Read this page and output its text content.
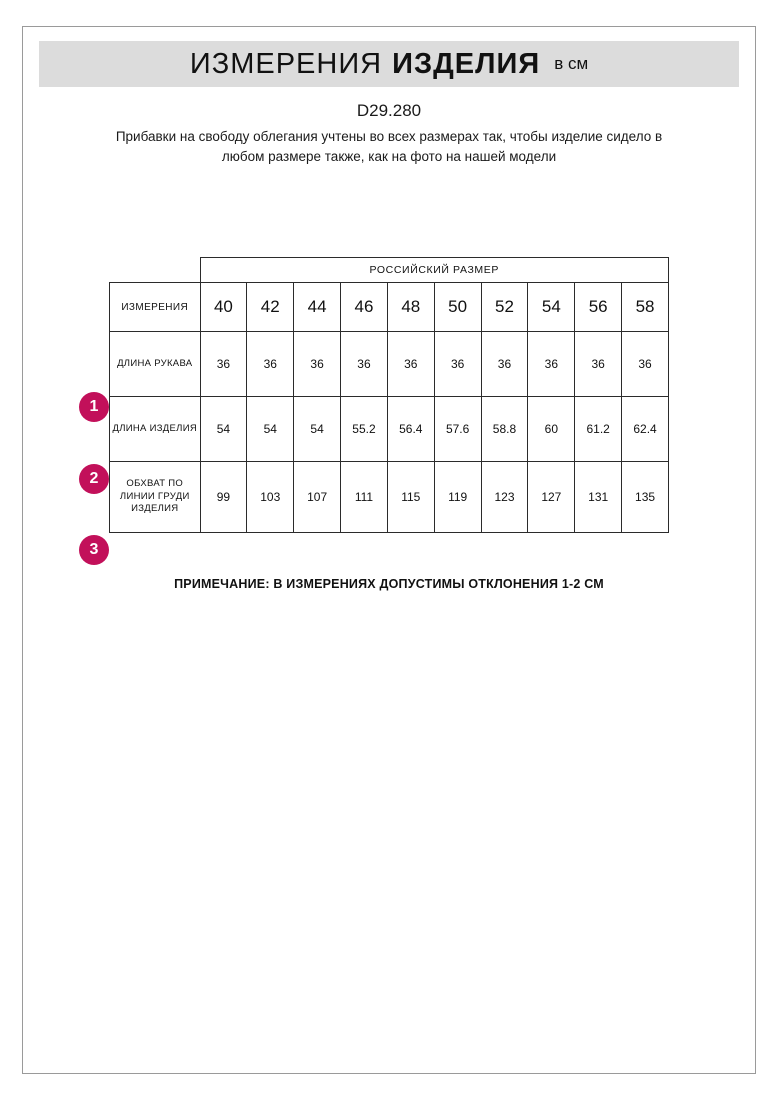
ИЗМЕРЕНИЯ ИЗДЕЛИЯ в см
D29.280
Прибавки на свободу облегания учтены во всех размерах так, чтобы изделие сидело в любом размере также, как на фото на нашей модели
	РОССИЙСКИЙ РАЗМЕР									
ИЗМЕРЕНИЯ	40	42	44	46	48	50	52	54	56	58
ДЛИНА РУКАВА	36	36	36	36	36	36	36	36	36	36
ДЛИНА ИЗДЕЛИЯ	54	54	54	55.2	56.4	57.6	58.8	60	61.2	62.4
ОБХВАТ ПО ЛИНИИ ГРУДИ ИЗДЕЛИЯ	99	103	107	111	115	119	123	127	131	135
1
2
3
ПРИМЕЧАНИЕ: В ИЗМЕРЕНИЯХ ДОПУСТИМЫ ОТКЛОНЕНИЯ 1-2 СМ
